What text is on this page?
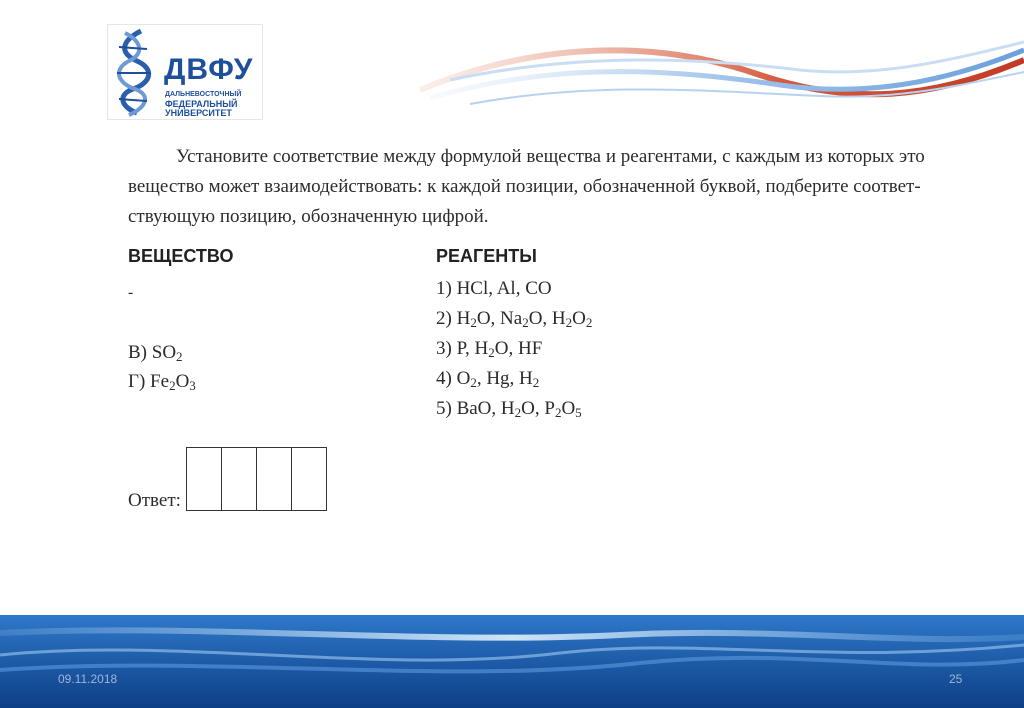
ДВФУ
ДАЛЬНЕВОСТОЧНЫЙ
ФЕДЕРАЛЬНЫЙ
УНИВЕРСИТЕТ
Установите соответствие между формулой вещества и реагентами, с каждым из которых это
вещество может взаимодействовать: к каждой позиции, обозначенной буквой, подберите соответ-
ствующую позицию, обозначенную цифрой.
ВЕЩЕСТВО	РЕАГЕНТЫ
-
В) $SO_2$
Г) $Fe_2O_3$
1) HCl, Al, CO
2) $H_2O$, $Na_2O$, $H_2O_2$
3) P, $H_2O$, HF
4) $O_2$, Hg, $H_2$
5) BaO, $H_2O$, $P_2O_5$
Ответ:
09.11.2018	25
